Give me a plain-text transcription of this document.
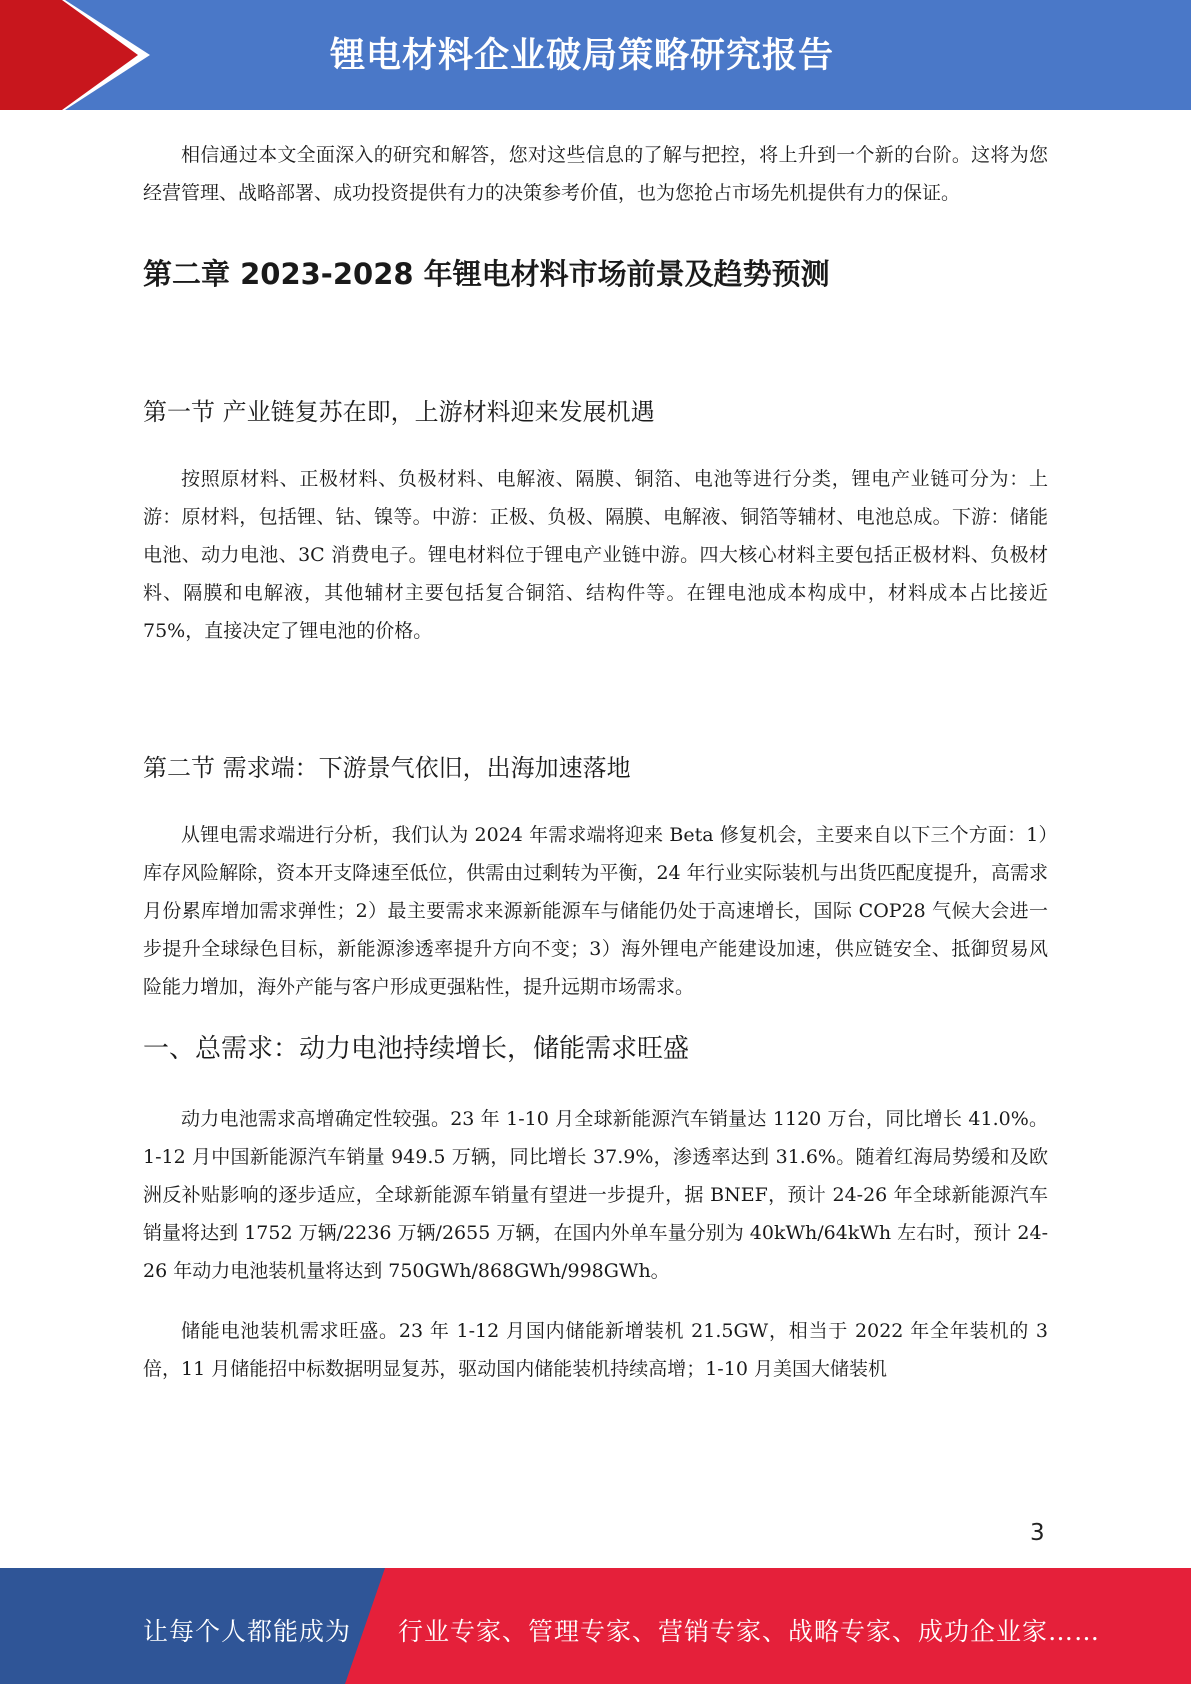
锂电材料企业破局策略研究报告

相信通过本文全面深入的研究和解答，您对这些信息的了解与把控，将上升到一个新的台阶。这将为您经营管理、战略部署、成功投资提供有力的决策参考价值，也为您抢占市场先机提供有力的保证。

第二章 2023-2028 年锂电材料市场前景及趋势预测
第一节 产业链复苏在即，上游材料迎来发展机遇

按照原材料、正极材料、负极材料、电解液、隔膜、铜箔、电池等进行分类，锂电产业链可分为：上游：原材料，包括锂、钴、镍等。中游：正极、负极、隔膜、电解液、铜箔等辅材、电池总成。下游：储能电池、动力电池、3C 消费电子。锂电材料位于锂电产业链中游。四大核心材料主要包括正极材料、负极材料、隔膜和电解液，其他辅材主要包括复合铜箔、结构件等。在锂电池成本构成中，材料成本占比接近 75%，直接决定了锂电池的价格。

第二节 需求端：下游景气依旧，出海加速落地

从锂电需求端进行分析，我们认为 2024 年需求端将迎来 Beta 修复机会，主要来自以下三个方面：1）库存风险解除，资本开支降速至低位，供需由过剩转为平衡，24 年行业实际装机与出货匹配度提升，高需求月份累库增加需求弹性；2）最主要需求来源新能源车与储能仍处于高速增长，国际 COP28 气候大会进一步提升全球绿色目标，新能源渗透率提升方向不变；3）海外锂电产能建设加速，供应链安全、抵御贸易风险能力增加，海外产能与客户形成更强粘性，提升远期市场需求。

一、总需求：动力电池持续增长，储能需求旺盛

动力电池需求高增确定性较强。23 年 1-10 月全球新能源汽车销量达 1120 万台，同比增长 41.0%。1-12 月中国新能源汽车销量 949.5 万辆，同比增长 37.9%，渗透率达到 31.6%。随着红海局势缓和及欧洲反补贴影响的逐步适应，全球新能源车销量有望进一步提升，据 BNEF，预计 24-26 年全球新能源汽车销量将达到 1752 万辆/2236 万辆/2655 万辆，在国内外单车量分别为 40kWh/64kWh 左右时，预计 24-26 年动力电池装机量将达到 750GWh/868GWh/998GWh。

储能电池装机需求旺盛。23 年 1-12 月国内储能新增装机 21.5GW，相当于 2022 年全年装机的 3 倍，11 月储能招中标数据明显复苏，驱动国内储能装机持续高增；1-10 月美国大储装机

3
让每个人都能成为 行业专家、管理专家、营销专家、战略专家、成功企业家……
